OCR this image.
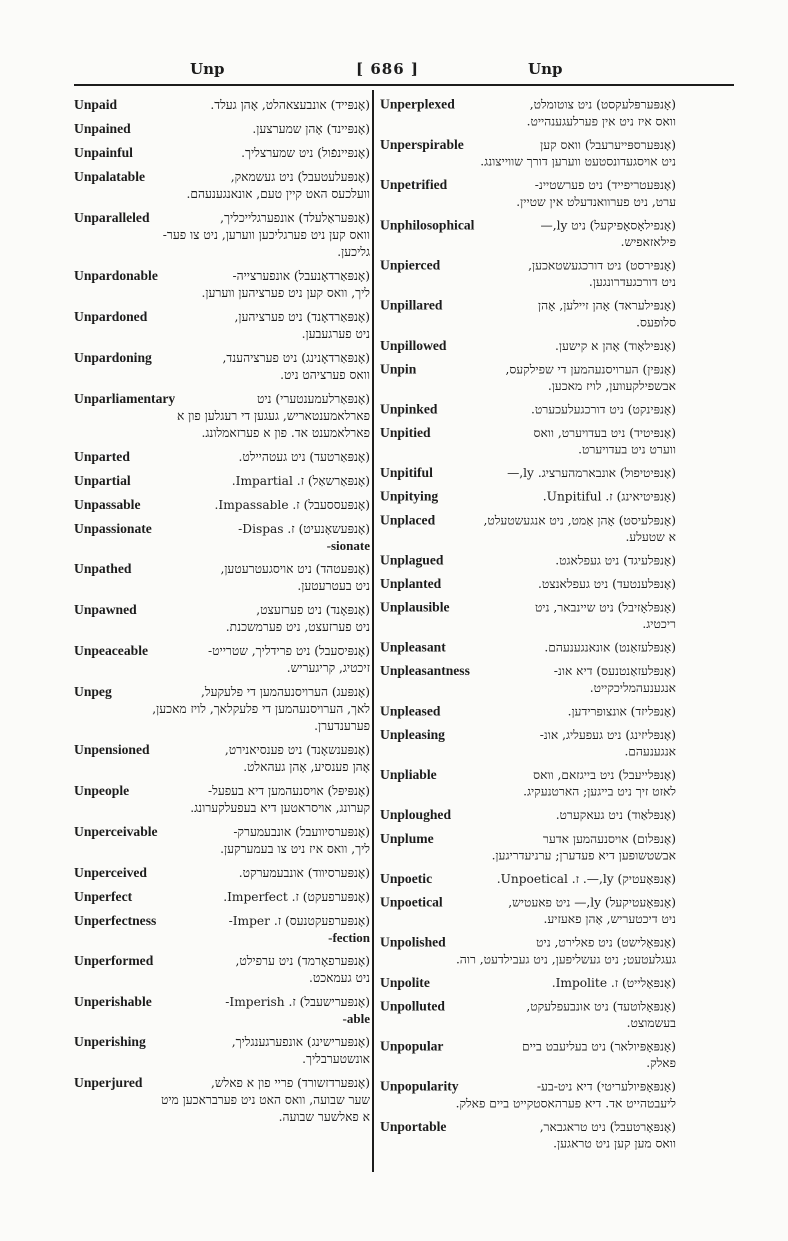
Unp	[ 686 ]	Unp
Unpaid	(אָנפּייד) אונבעצאהלט, אָהן געלד.
Unpained	(אָנפּיינד) אָהן שמערצען.
Unpainful	(אָנפּיינפֿול) ניט שמערצליך.
Unpalatable	(אָנפּעלעטעבל) ניט געשמאק,
וועלכעס האט קיין טעם, אונאנגענעהם.
Unparalleled	(אָנפּעראַלעלד) אונפערגלייכליך,
וואס קען ניט פערגליכען ווערען, ניט צו פער-
גליכען.
Unpardonable	(אָנפּאַרדאָנעבל) אונפערצייה-
ליך, וואס קען ניט פערציהען ווערען.
Unpardoned	(אָנפּאַרדאָנד) ניט פערציהען,
ניט פערגעבען.
Unpardoning	(אָנפּאַרדאָנינג) ניט פערציהענד,
וואס פערציהט ניט.
Unparliamentary	(אָנפּאַרלעמענטערי) ניט
פארלאמענטאריש, געגען די רעגלען פון א
פארלאמענט אד. פון א פערזאמלונג.
Unparted	(אָנפּאַרטעד) ניט געטהיילט.
Unpartial	(אָנפּאַרשאַל) ז. Impartial.
Unpassable	(אָנפּעססעבל) ז. Impassable.
Unpassionate	(אָנפּעשאָנעיט) ז. Dispas-
-sionate
Unpathed	(אָנפּעטהד) ניט אויסגעטרעטען,
ניט בעטרעטען.
Unpawned	(אָנפּאָנד) ניט פערזעצט,
ניט פערזעצט, ניט פערמשכנת.
Unpeaceable	(אָנפּיסעבל) ניט פרידליך, שטרייט-
זיכטיג, קריגעריש.
Unpeg	(אָנפּעג) הערויסנעהמען די פלעקעל,
לאך, הערויסנעהמען די פלעקלאך, לויז מאכען,
פערענדערן.
Unpensioned	(אָנפּענשאָנד) ניט פענסיאנירט,
אָהן פענסיע, אָהן געהאלט.
Unpeople	(אָנפּיפּל) אויסנעהמען דיא בעפעל-
קערונג, אויסראטען דיא בעפעלקערונג.
Unperceivable	(אָנפּערסיוועבל) אונבעמערק-
ליך, וואס איז ניט צו בעמערקען.
Unperceived	(אָנפּערסיווד) אונבעמערקט.
Unperfect	(אָנפּערפעקט) ז. Imperfect.
Unperfectness	(אָנפּערפעקטנעס) ז. Imper-
-fection
Unperformed	(אָנפּערפאָרמד) ניט ערפילט,
ניט געמאכט.
Unperishable	(אָנפּערישעבל) ז. Imperish-
-able
Unperishing	(אָנפּערישינג) אונפערגענגליך,
אונשטערבליך.
Unperjured	(אָנפּערדזשורד) פריי פון א פאלש,
שער שבועה, וואס האט ניט פערבראכען מיט
א פאלשער שבועה.
Unperplexed	(אָנפּערפּלעקסט) ניט צוטומלט,
וואס איז ניט אין פערלעגענהייט.
Unperspirable	(אָנפּערספּייערעבל) וואס קען
ניט אויסגעדונסטעט ווערען דורך שווייצונג.
Unpetrified	(אָנפּעטריפייד) ניט פערשטיינ-
ערט, ניט פערוואנדעלט אין שטיין.
Unphilosophical	(אָנפילאָסאָפיקעל) ניט ly,—
פילאזאפיש.
Unpierced	(אָנפּירסט) ניט דורכגעשטאכען,
ניט דורכגעדרונגען.
Unpillared	(אָנפּילעראד) אָהן זיילען, אָהן
סלופעס.
Unpillowed	(אָנפּילאָוד) אָהן א קישען.
Unpin	(אָנפּין) הערויסנעהמען די שפילקעס,
אבשפילקעווען, לויז מאכען.
Unpinked	(אָנפּינקט) ניט דורכגעלעכערט.
Unpitied	(אָנפּיטיד) ניט בעדויערט, וואס
ווערט ניט בעדויערט.
Unpitiful	(אָנפּיטיפול) אונבארמהערציג. ly,—
Unpitying	(אָנפּיטיאינג) ז. Unpitiful.
Unplaced	(אָנפּלעיסט) אָהן אַמט, ניט אנגעשטעלט,
א שטעלע.
Unplagued	(אָנפּלעיגד) ניט געפלאגט.
Unplanted	(אָנפּלענטעד) ניט געפלאנצט.
Unplausible	(אָנפּלאָזיבל) ניט שיינבאר, ניט
ריכטיג.
Unpleasant	(אָנפּלעזאַנט) אונאנגענעהם.
Unpleasantness	(אָנפּלעזאַנטנעס) דיא אונ-
אנגענעהמליכקייט.
Unpleased	(אָנפּליזד) אונצופרידען.
Unpleasing	(אָנפּליזינג) ניט געפעליג, אונ-
אנגענעהם.
Unpliable	(אָנפּלייעבל) ניט בייגזאם, וואס
לאזט זיך ניט בייגען; הארטנעקיג.
Unploughed	(אָנפּלאַוד) ניט געאקערט.
Unplume	(אָנפּלום) אויסנעהמען אדער
אבשטשופען דיא פעדערן; ערניעדריגען.
Unpoetic	(אָנפּאָעטיק) ly,—. ז. Unpoetical.
Unpoetical	(אָנפּאָעטיקעל) ly,— ניט פאעטיש,
ניט דיכטעריש, אָהן פאעזיע.
Unpolished	(אָנפּאָלישט) ניט פאלירט, ניט
געגלעטעט; ניט געשליפען, ניט געבילדעט, רוה.
Unpolite	(אָנפּאָלייט) ז. Impolite.
Unpolluted	(אָנפּאָלוטעד) ניט אונבעפלעקט,
בעשמוצט.
Unpopular	(אָנפּאָפּיולאר) ניט בעליעבט ביים
פאלק.
Unpopularity	(אָנפּאָפּיולעריטי) דיא ניט-בע-
ליעבטהייט אד. דיא פערהאסטקייט ביים פאלק.
Unportable	(אָנפּאָרטעבל) ניט טראגבאר,
וואס מען קען ניט טראגען.
